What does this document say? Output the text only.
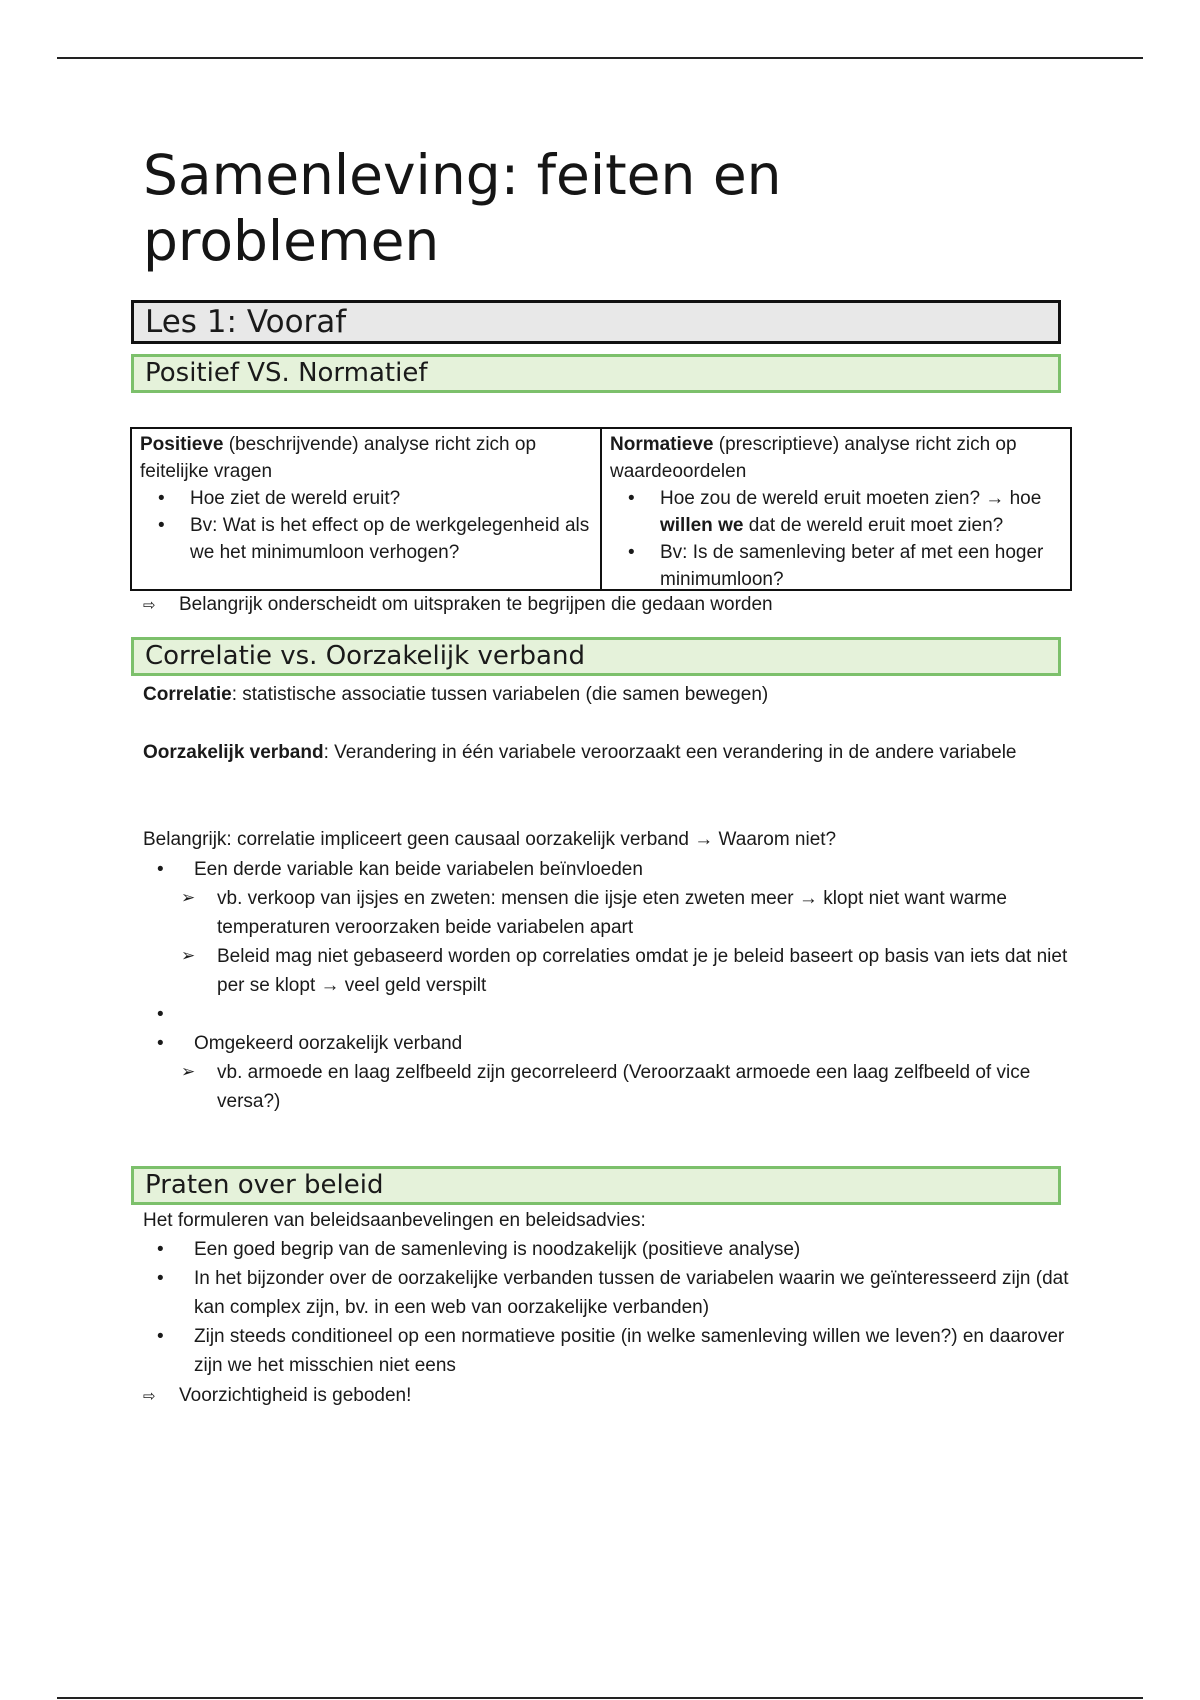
Samenleving: feiten en problemen
Les 1: Vooraf
Positief VS. Normatief
Positieve (beschrijvende) analyse richt zich op feitelijke vragen
• Hoe ziet de wereld eruit?
• Bv: Wat is het effect op de werkgelegenheid als we het minimumloon verhogen?
Normatieve (prescriptieve) analyse richt zich op waardeoordelen
• Hoe zou de wereld eruit moeten zien? → hoe willen we dat de wereld eruit moet zien?
• Bv: Is de samenleving beter af met een hoger minimumloon?
⇨	Belangrijk onderscheidt om uitspraken te begrijpen die gedaan worden
Correlatie vs. Oorzakelijk verband

Correlatie: statistische associatie tussen variabelen (die samen bewegen)

Oorzakelijk verband: Verandering in één variabele veroorzaakt een verandering in de andere variabele

Belangrijk: correlatie impliceert geen causaal oorzakelijk verband → Waarom niet?

• Een derde variable kan beide variabelen beïnvloeden
➢ vb. verkoop van ijsjes en zweten: mensen die ijsje eten zweten meer → klopt niet want warme temperaturen veroorzaken beide variabelen apart
➢ Beleid mag niet gebaseerd worden op correlaties omdat je je beleid baseert op basis van iets dat niet per se klopt → veel geld verspilt
•
• Omgekeerd oorzakelijk verband
➢ vb. armoede en laag zelfbeeld zijn gecorreleerd (Veroorzaakt armoede een laag zelfbeeld of vice versa?)
Praten over beleid

Het formuleren van beleidsaanbevelingen en beleidsadvies:

• Een goed begrip van de samenleving is noodzakelijk (positieve analyse)
• In het bijzonder over de oorzakelijke verbanden tussen de variabelen waarin we geïnteresseerd zijn (dat kan complex zijn, bv. in een web van oorzakelijke verbanden)
• Zijn steeds conditioneel op een normatieve positie (in welke samenleving willen we leven?) en daarover zijn we het misschien niet eens
⇨	Voorzichtigheid is geboden!
